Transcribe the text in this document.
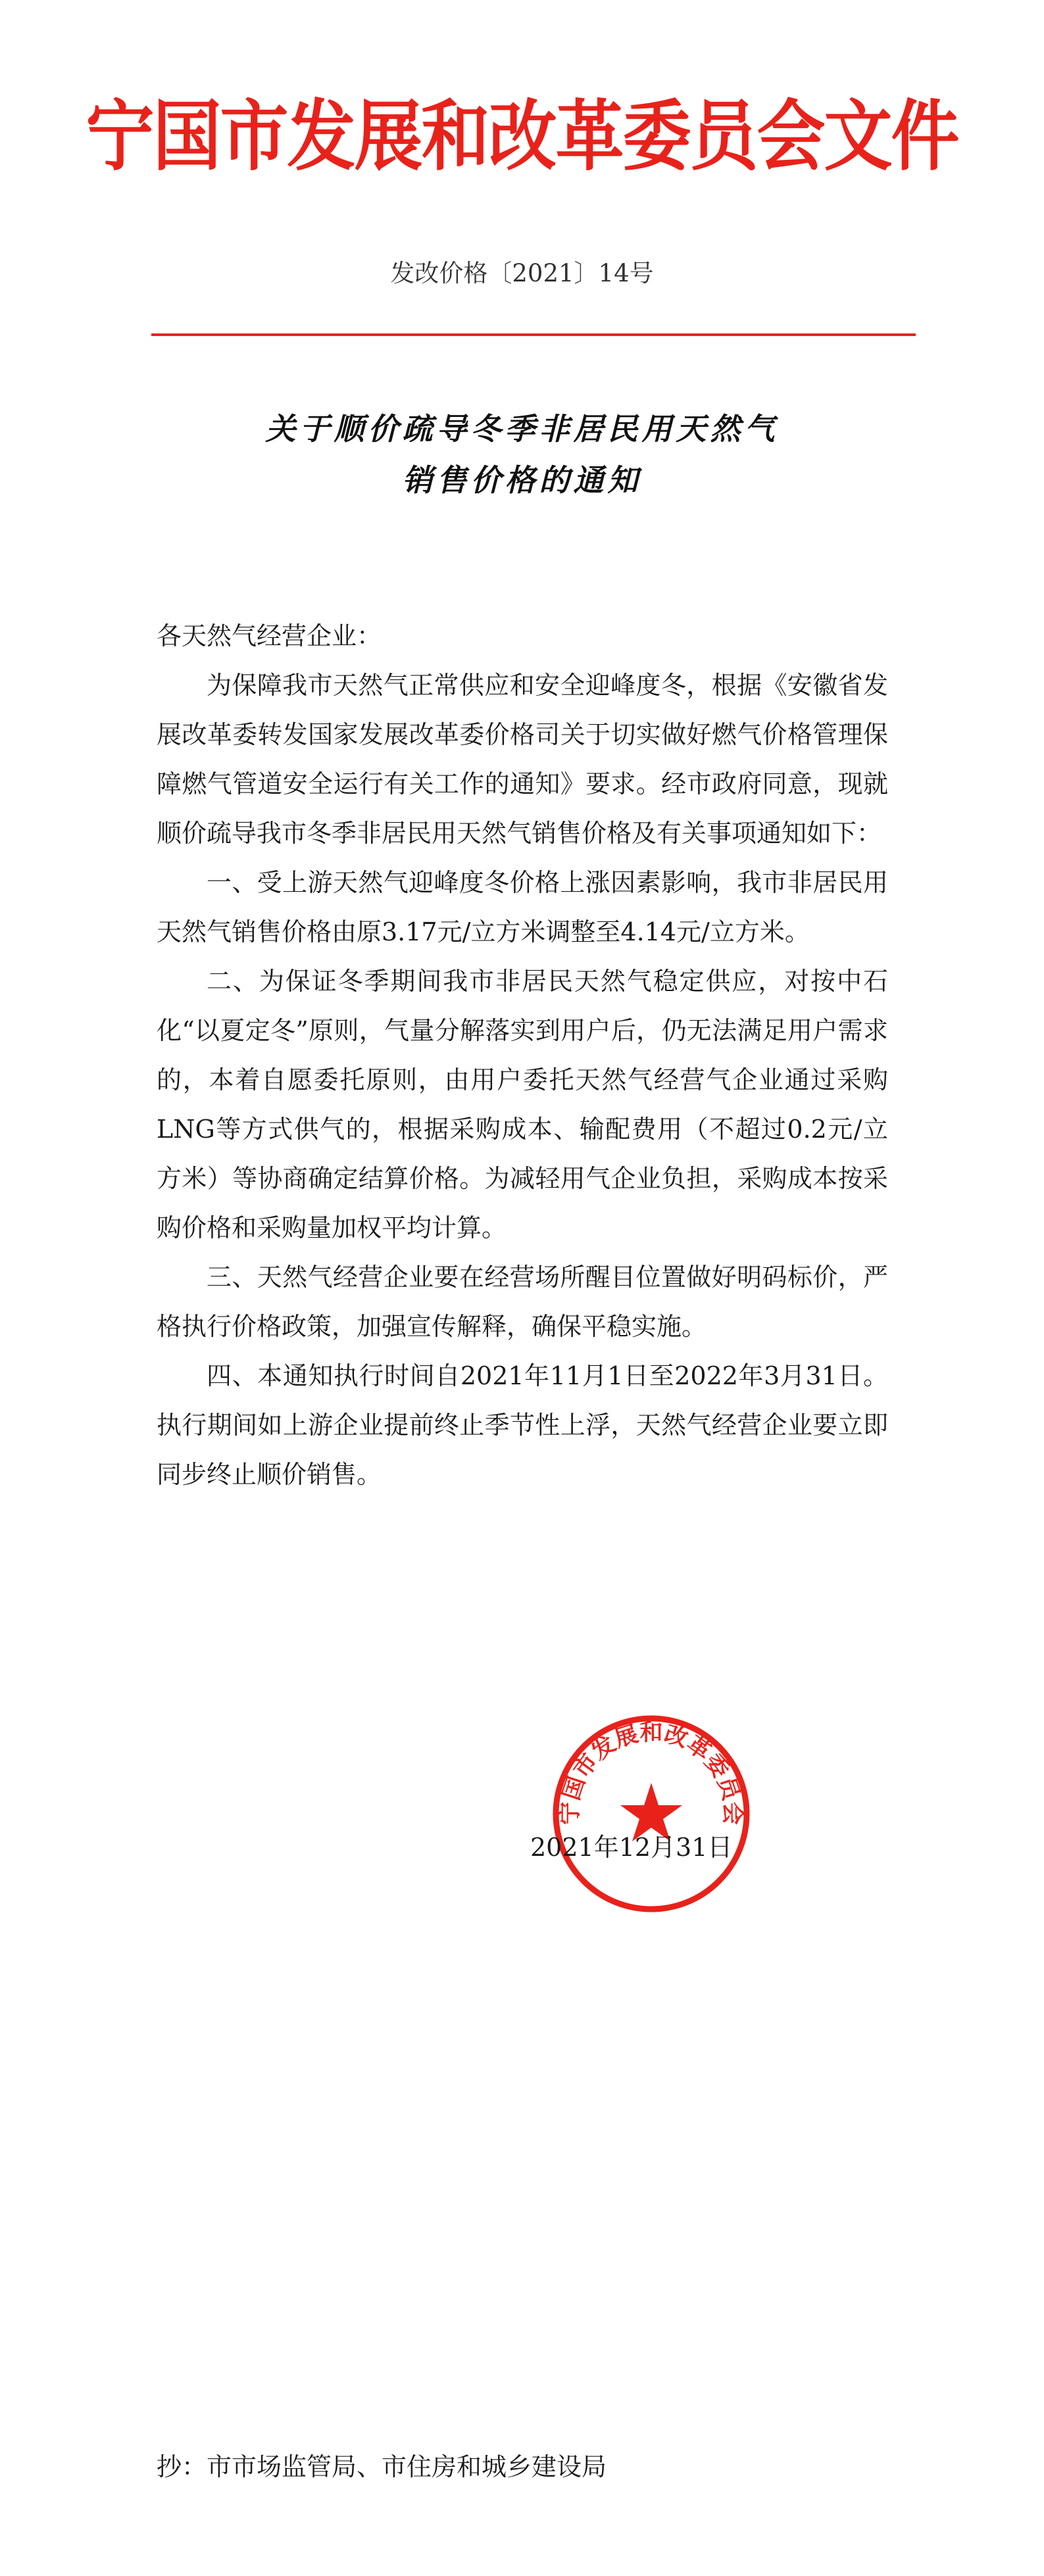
宁国市发展和改革委员会文件
发改价格〔2021〕14号
关于顺价疏导冬季非居民用天然气
销售价格的通知

各天然气经营企业：

为保障我市天然气正常供应和安全迎峰度冬，根据《安徽省发展改革委转发国家发展改革委价格司关于切实做好燃气价格管理保障燃气管道安全运行有关工作的通知》要求。经市政府同意，现就顺价疏导我市冬季非居民用天然气销售价格及有关事项通知如下：

一、受上游天然气迎峰度冬价格上涨因素影响，我市非居民用天然气销售价格由原3.17元/立方米调整至4.14元/立方米。

二、为保证冬季期间我市非居民天然气稳定供应，对按中石化“以夏定冬”原则，气量分解落实到用户后，仍无法满足用户需求的，本着自愿委托原则，由用户委托天然气经营气企业通过采购LNG等方式供气的，根据采购成本、输配费用（不超过0.2元/立方米）等协商确定结算价格。为减轻用气企业负担，采购成本按采购价格和采购量加权平均计算。

三、天然气经营企业要在经营场所醒目位置做好明码标价，严格执行价格政策，加强宣传解释，确保平稳实施。

四、本通知执行时间自2021年11月1日至2022年3月31日。执行期间如上游企业提前终止季节性上浮，天然气经营企业要立即同步终止顺价销售。

宁国市发展和改革委员会
2021年12月31日
抄：市市场监管局、市住房和城乡建设局
